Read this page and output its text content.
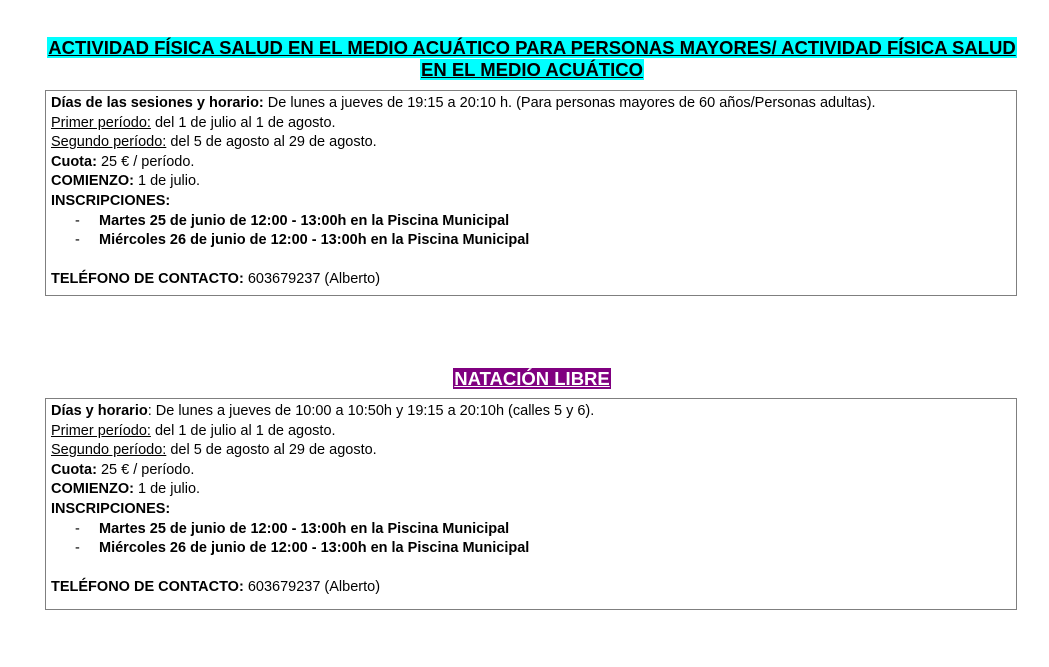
ACTIVIDAD FÍSICA SALUD EN EL MEDIO ACUÁTICO PARA PERSONAS MAYORES/ ACTIVIDAD FÍSICA SALUD EN EL MEDIO ACUÁTICO
Días de las sesiones y horario: De lunes a jueves de 19:15 a 20:10 h. (Para personas mayores de 60 años/Personas adultas).
Primer período: del 1 de julio al 1 de agosto.
Segundo período: del 5 de agosto al 29 de agosto.
Cuota: 25 € / período.
COMIENZO: 1 de julio.
INSCRIPCIONES:
- Martes 25 de junio de 12:00 - 13:00h en la Piscina Municipal
- Miércoles 26 de junio de 12:00 - 13:00h en la Piscina Municipal
TELÉFONO DE CONTACTO: 603679237 (Alberto)
NATACIÓN LIBRE
Días y horario: De lunes a jueves de 10:00 a 10:50h y 19:15 a 20:10h (calles 5 y 6).
Primer período: del 1 de julio al 1 de agosto.
Segundo período: del 5 de agosto al 29 de agosto.
Cuota: 25 € / período.
COMIENZO: 1 de julio.
INSCRIPCIONES:
- Martes 25 de junio de 12:00 - 13:00h en la Piscina Municipal
- Miércoles 26 de junio de 12:00 - 13:00h en la Piscina Municipal
TELÉFONO DE CONTACTO: 603679237 (Alberto)
